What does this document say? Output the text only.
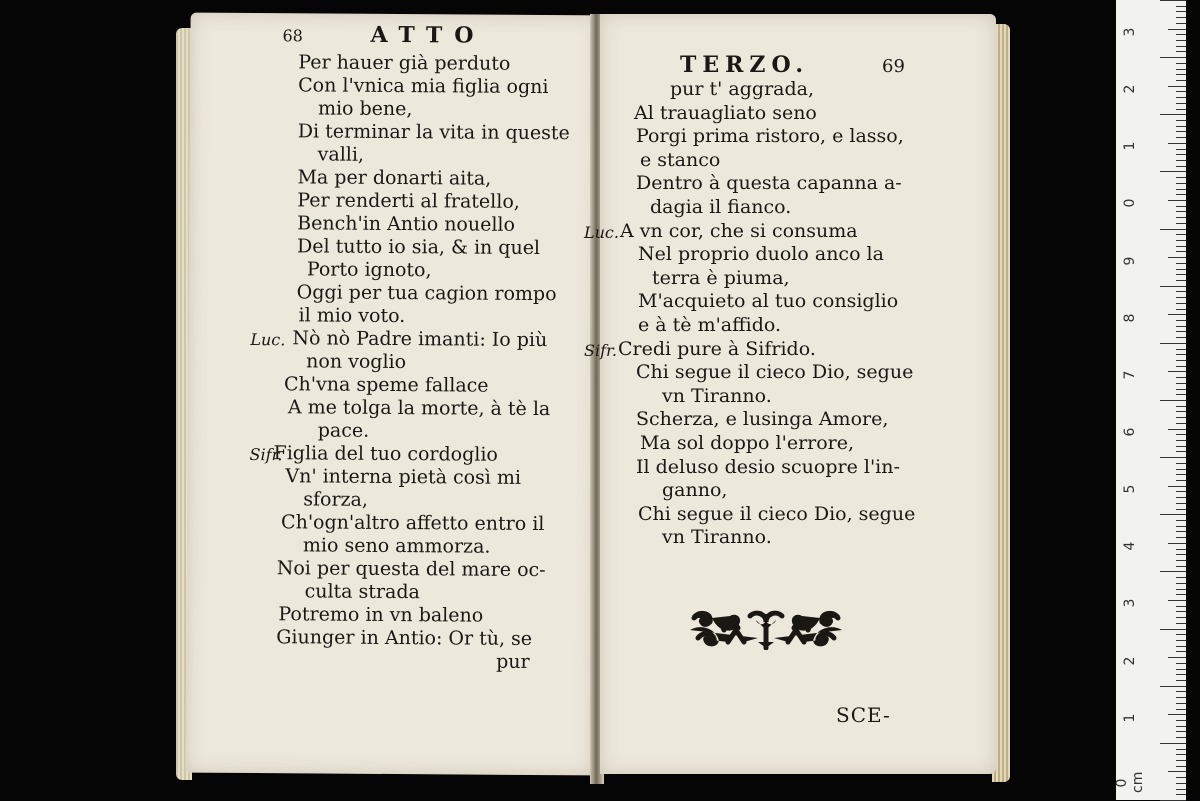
68	ATTO
Per hauer già perduto
Con l'vnica mia figlia ogni
mio bene,
Di terminar la vita in queste
valli,
Ma per donarti aita,
Per renderti al fratello,
Bench'in Antio nouello
Del tutto io sia, & in quel
Porto ignoto,
Oggi per tua cagion rompo
il mio voto.
Luc. Nò nò Padre imanti: Io più
non voglio
Ch'vna speme fallace
A me tolga la morte, à tè la
pace.
Sifr.
Figlia del tuo cordoglio
Vn' interna pietà così mi
sforza,
Ch'ogn'altro affetto entro il
mio seno ammorza.
Noi per questa del mare oc-
culta strada
Potremo in vn baleno
Giunger in Antio: Or tù, se
pur
TERZO.	69
SCE-
pur t' aggrada,
Al trauagliato seno
Porgi prima ristoro, e lasso,
e stanco
Dentro à questa capanna a-
dagia il fianco.
Luc. A vn cor, che si consuma
Nel proprio duolo anco la
terra è piuma,
M'acquieto al tuo consiglio
e à tè m'affido.
Sifr. Credi pure à Sifrido.
Chi segue il cieco Dio, segue
vn Tiranno.
Scherza, e lusinga Amore,
Ma sol doppo l'errore,
Il deluso desio scuopre l'in-
ganno,
Chi segue il cieco Dio, segue
vn Tiranno.
3
2
1
0
9
8
7
6
5
4
3
2
1
0 cm
